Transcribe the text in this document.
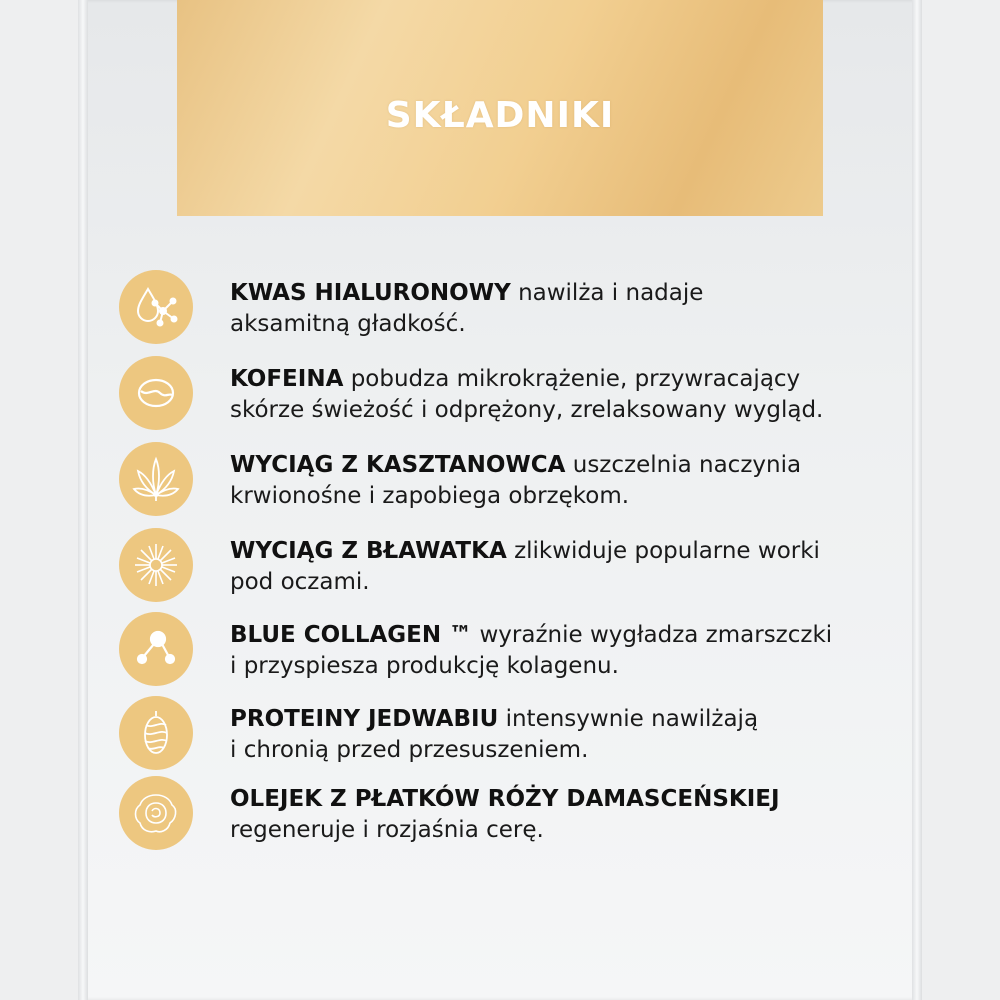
SKŁADNIKI
KWAS HIALURONOWY nawilża i nadaje
aksamitną gładkość.
KOFEINA pobudza mikrokrążenie, przywracający
skórze świeżość i odprężony, zrelaksowany wygląd.
WYCIĄG Z KASZTANOWCA uszczelnia naczynia
krwionośne i zapobiega obrzękom.
WYCIĄG Z BŁAWATKA zlikwiduje popularne worki
pod oczami.
BLUE COLLAGEN ™ wyraźnie wygładza zmarszczki
i przyspiesza produkcję kolagenu.
PROTEINY JEDWABIU intensywnie nawilżają
i chronią przed przesuszeniem.
OLEJEK Z PŁATKÓW RÓŻY DAMASCEŃSKIEJ
regeneruje i rozjaśnia cerę.
